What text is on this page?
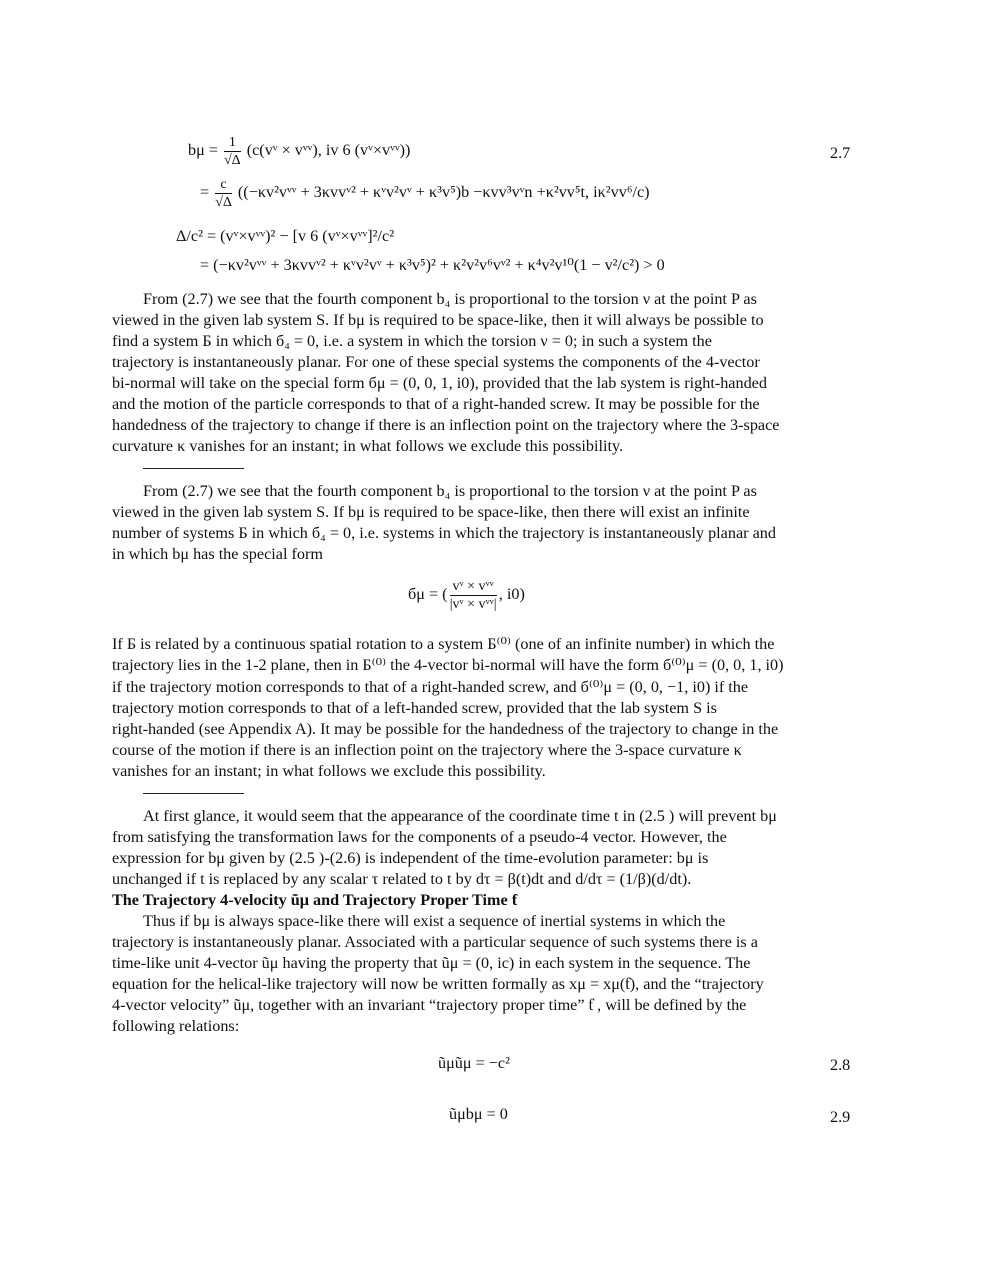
$b\mu = \frac{1}{√\Delta}$ (c(vᵛ × vᵛᵛ), iv 6 (vᵛ×vᵛᵛ))	2.7
= $\frac{c}{√\Delta}$ ((−κv²vᵛᵛ + 3κvvᵛ² + κᵛv²vᵛ + κ³v⁵)b −κvv³vᵛn +κ²vv⁵t, iκ²vv⁶/c)
Δ/c² = (vᵛ×vᵛᵛ)² − [v 6 (vᵛ×vᵛᵛ]²/c²
= (−κv²vᵛᵛ + 3κvvᵛ² + κᵛv²vᵛ + κ³v⁵)² + κ²v²v⁶vᵛ² + κ⁴v²v¹⁰(1 − v²/c²) > 0
From (2.7) we see that the fourth component b₄ is proportional to the torsion ν at the point P as
viewed in the given lab system S. If bμ is required to be space-like, then it will always be possible to
find a system Б in which б₄ = 0, i.e. a system in which the torsion ν = 0; in such a system the
trajectory is instantaneously planar. For one of these special systems the components of the 4-vector
bi-normal will take on the special form бμ = (0, 0, 1, i0), provided that the lab system is right-handed
and the motion of the particle corresponds to that of a right-handed screw. It may be possible for the
handedness of the trajectory to change if there is an inflection point on the trajectory where the 3-space
curvature κ vanishes for an instant; in what follows we exclude this possibility.
From (2.7) we see that the fourth component b₄ is proportional to the torsion ν at the point P as
viewed in the given lab system S. If bμ is required to be space-like, then there will exist an infinite
number of systems Б in which б₄ = 0, i.e. systems in which the trajectory is instantaneously planar and
in which bμ has the special form
бμ = ( $\frac{\text{vᵛ × vᵛᵛ}}{\text{|vᵛ × vᵛᵛ|}}$ , i0)
If Б is related by a continuous spatial rotation to a system Б⁽⁰⁾ (one of an infinite number) in which the
trajectory lies in the 1-2 plane, then in Б⁽⁰⁾ the 4-vector bi-normal will have the form б⁽⁰⁾μ = (0, 0, 1, i0)
if the trajectory motion corresponds to that of a right-handed screw, and б⁽⁰⁾μ = (0, 0, −1, i0) if the
trajectory motion corresponds to that of a left-handed screw, provided that the lab system S is
right-handed (see Appendix A). It may be possible for the handedness of the trajectory to change in the
course of the motion if there is an inflection point on the trajectory where the 3-space curvature κ
vanishes for an instant; in what follows we exclude this possibility.
At first glance, it would seem that the appearance of the coordinate time t in (2.5 ) will prevent bμ
from satisfying the transformation laws for the components of a pseudo-4 vector. However, the
expression for bμ given by (2.5 )-(2.6) is independent of the time-evolution parameter: bμ is
unchanged if t is replaced by any scalar τ related to t by dτ = β(t)dt and d/dτ = (1/β)(d/dt).
The Trajectory 4-velocity ũμ and Trajectory Proper Time ƭ
Thus if bμ is always space-like there will exist a sequence of inertial systems in which the
trajectory is instantaneously planar. Associated with a particular sequence of such systems there is a
time-like unit 4-vector ũμ having the property that ũμ = (0, ic) in each system in the sequence. The
equation for the helical-like trajectory will now be written formally as xμ = xμ(ƭ), and the “trajectory
4-vector velocity” ũμ, together with an invariant “trajectory proper time” ƭ , will be defined by the
following relations:
ũμũμ = −c²	2.8
ũμbμ = 0	2.9
